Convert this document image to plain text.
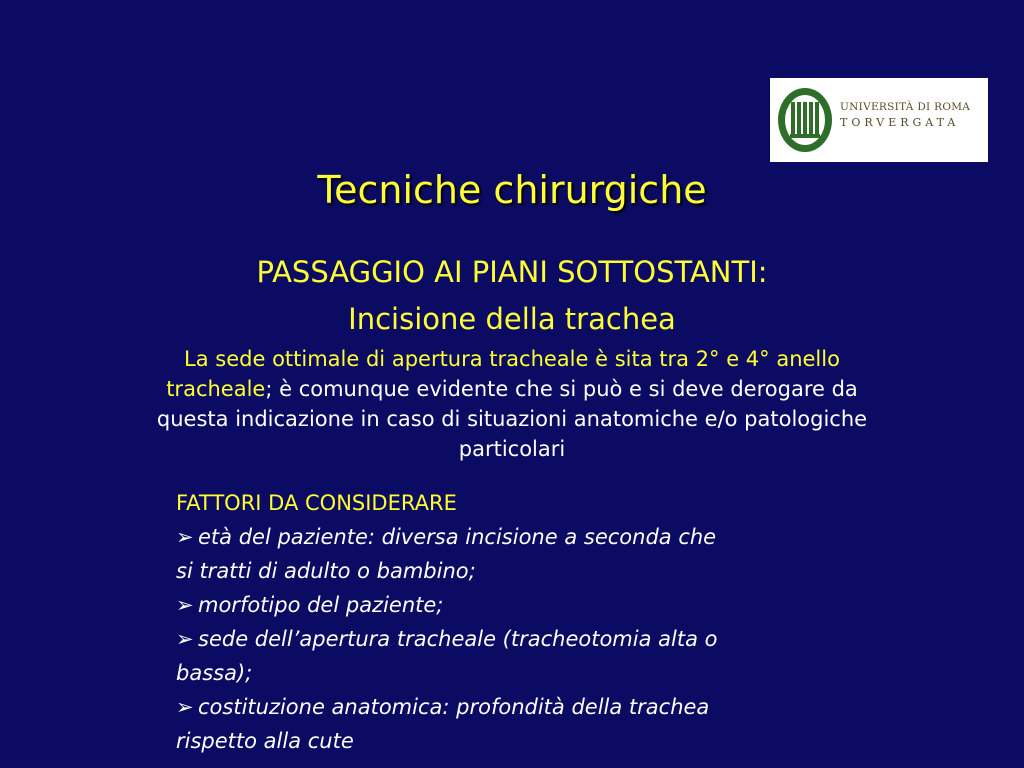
UNIVERSITÀ DI ROMA
TORVERGATA
Tecniche chirurgiche
PASSAGGIO AI PIANI SOTTOSTANTI:
Incisione della trachea
La sede ottimale di apertura tracheale è sita tra 2° e 4° anello
tracheale; è comunque evidente che si può e si deve derogare da
questa indicazione in caso di situazioni anatomiche e/o patologiche
particolari
FATTORI DA CONSIDERARE
➢ età del paziente: diversa incisione a seconda che
si tratti di adulto o bambino;
➢ morfotipo del paziente;
➢ sede dell’apertura tracheale (tracheotomia alta o
bassa);
➢ costituzione anatomica: profondità della trachea
rispetto alla cute
